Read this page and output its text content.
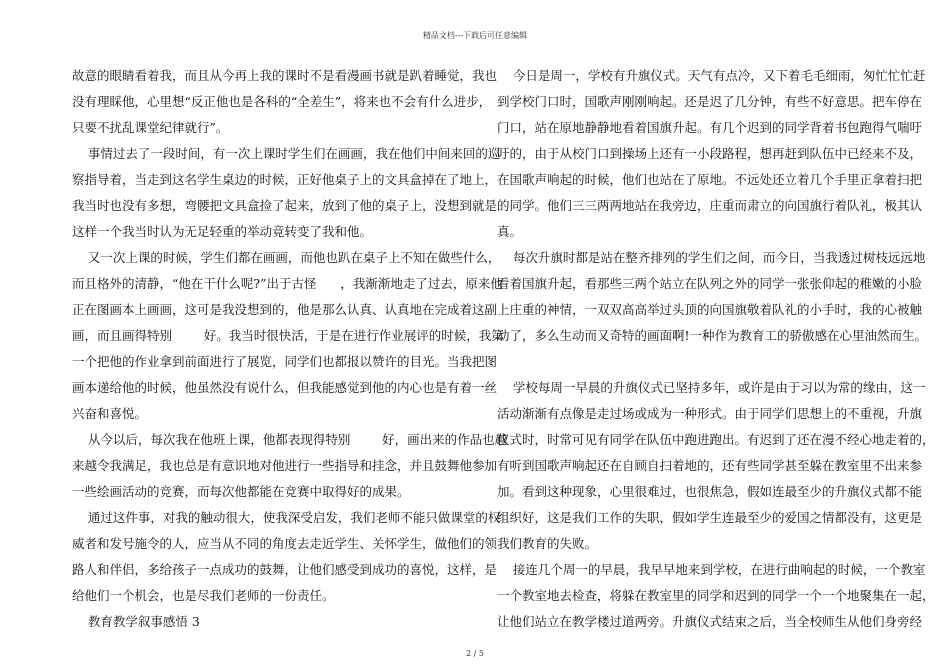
精品文档---下载后可任意编辑
故意的眼睛看着我，而且从今再上我的课时不是看漫画书就是趴着睡觉，我也
没有理睬他，心里想“反正他也是各科的“全差生”，将来也不会有什么进步，
只要不扰乱课堂纪律就行”。
事情过去了一段时间，有一次上课时学生们在画画，我在他们中间来回的巡
察指导着，当走到这名学生桌边的时候，正好他桌子上的文具盒掉在了地上，
我当时也没有多想，弯腰把文具盒捡了起来，放到了他的桌子上，没想到就是
这样一个我当时认为无足轻重的举动竟转变了我和他。
又一次上课的时候，学生们都在画画，而他也趴在桌子上不知在做些什么，
而且格外的清静，“他在干什么呢?”出于古怪      ，我渐渐地走了过去，原来他
正在图画本上画画，这可是我没想到的，他是那么认真、认真地在完成着这副
画，而且画得特别        好。我当时很快活，于是在进行作业展评的时候，我第
一个把他的作业拿到前面进行了展览，同学们也都报以赞许的目光。当我把图
画本递给他的时候，他虽然没有说什么，但我能感觉到他的内心也是有着一丝
兴奋和喜悦。
从今以后，每次我在他班上课，他都表现得特别        好，画出来的作品也越
来越令我满足，我也总是有意识地对他进行一些指导和挂念，并且鼓舞他参加
一些绘画活动的竞赛，而每次他都能在竞赛中取得好的成果。
通过这件事，对我的触动很大，使我深受启发，我们老师不能只做课堂的权
威者和发号施令的人，应当从不同的角度去走近学生、关怀学生，做他们的领
路人和伴侣，多给孩子一点成功的鼓舞，让他们感受到成功的喜悦，这样，是
给他们一个机会，也是尽我们老师的一份责任。
教育教学叙事感悟 3
今日是周一，学校有升旗仪式。天气有点冷，又下着毛毛细雨，匆忙忙忙赶
到学校门口时，国歌声刚刚响起。还是迟了几分钟，有些不好意思。把车停在
门口，站在原地静静地看着国旗升起。有几个迟到的同学背着书包跑得气喘吁
吁的，由于从校门口到操场上还有一小段路程，想再赶到队伍中已经来不及，
在国歌声响起的时候，他们也站在了原地。不远处还立着几个手里正拿着扫把
的同学。他们三三两两地站在我旁边，庄重而肃立的向国旗行着队礼，极其认
真。
每次升旗时都是站在整齐排列的学生们之间，而今日，当我透过树枝远远地
看着国旗升起，看那些三两个站立在队列之外的同学一张张仰起的稚嫩的小脸
上庄重的神情，一双双高高举过头顶的向国旗敬着队礼的小手时，我的心被触
动了，多么生动而又奇特的画面啊!一种作为教育工的骄傲感在心里油然而生。
学校每周一早晨的升旗仪式已坚持多年，或许是由于习以为常的缘由，这一
活动渐渐有点像是走过场或成为一种形式。由于同学们思想上的不重视，升旗
仪式时，时常可见有同学在队伍中跑进跑出。有迟到了还在漫不经心地走着的，
有听到国歌声响起还在自顾自扫着地的，还有些同学甚至躲在教室里不出来参
加。看到这种现象，心里很难过，也很焦急，假如连最至少的升旗仪式都不能
组织好，这是我们工作的失职，假如学生连最至少的爱国之情都没有，这更是
我们教育的失败。
接连几个周一的早晨，我早早地来到学校，在进行曲响起的时候，一个教室
一个教室地去检查，将躲在教室里的同学和迟到的同学一个一个地聚集在一起，
让他们站立在教学楼过道两旁。升旗仪式结束之后，当全校师生从他们身旁经
2 / 5
